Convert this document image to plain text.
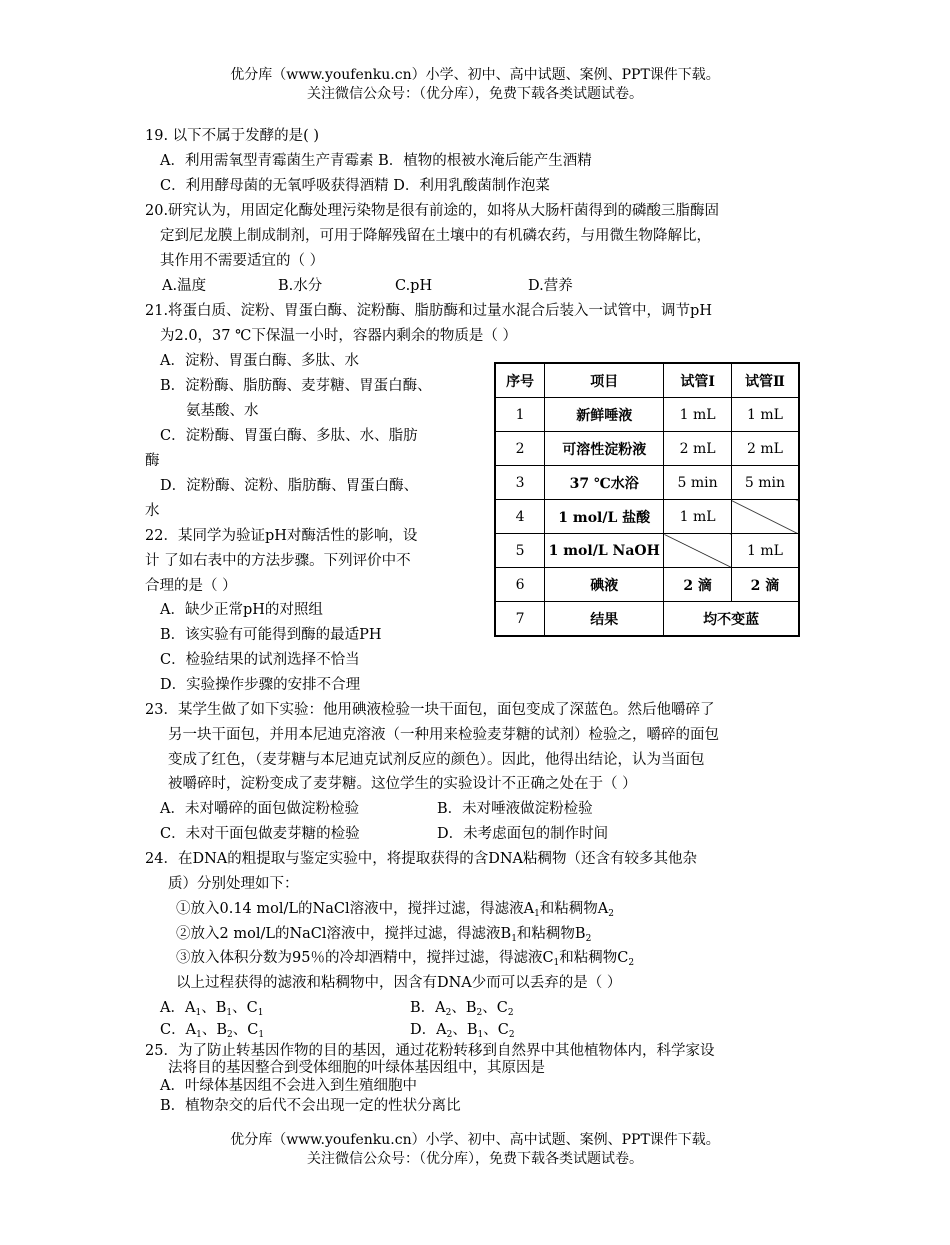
优分库（www.youfenku.cn）小学、初中、高中试题、案例、PPT课件下载。
关注微信公众号：（优分库），免费下载各类试题试卷。
19. 以下不属于发酵的是( )
A．利用需氧型青霉菌生产青霉素 B．植物的根被水淹后能产生酒精
C．利用酵母菌的无氧呼吸获得酒精 D．利用乳酸菌制作泡菜
20.研究认为，用固定化酶处理污染物是很有前途的，如将从大肠杆菌得到的磷酸三脂酶固
定到尼龙膜上制成制剂，可用于降解残留在土壤中的有机磷农药，与用微生物降解比，
其作用不需要适宜的（ ）
A.温度	B.水分	C.pH	D.营养
21.将蛋白质、淀粉、胃蛋白酶、淀粉酶、脂肪酶和过量水混合后装入一试管中，调节pH
为2.0，37 ℃下保温一小时，容器内剩余的物质是（ ）
A．淀粉、胃蛋白酶、多肽、水
B．淀粉酶、脂肪酶、麦芽糖、胃蛋白酶、
氨基酸、水
C．淀粉酶、胃蛋白酶、多肽、水、脂肪
酶
D．淀粉酶、淀粉、脂肪酶、胃蛋白酶、
水
22．某同学为验证pH对酶活性的影响，设
计 了如右表中的方法步骤。下列评价中不
合理的是（ ）
A．缺少正常pH的对照组
B．该实验有可能得到酶的最适PH
C．检验结果的试剂选择不恰当
D．实验操作步骤的安排不合理
序号	项目	试管Ⅰ	试管Ⅱ
1	新鲜唾液	1 mL	1 mL
2	可溶性淀粉液	2 mL	2 mL
3	37 ℃水浴	5 min	5 min
4	1 mol/L 盐酸	1 mL	
5	1 mol/L NaOH		1 mL
6	碘液	2 滴	2 滴
7	结果	均不变蓝	
23．某学生做了如下实验：他用碘液检验一块干面包，面包变成了深蓝色。然后他嚼碎了
另一块干面包，并用本尼迪克溶液（一种用来检验麦芽糖的试剂）检验之，嚼碎的面包
变成了红色，（麦芽糖与本尼迪克试剂反应的颜色）。因此，他得出结论，认为当面包
被嚼碎时，淀粉变成了麦芽糖。这位学生的实验设计不正确之处在于（ ）
A．未对嚼碎的面包做淀粉检验	B．未对唾液做淀粉检验
C．未对干面包做麦芽糖的检验	D．未考虑面包的制作时间
24．在DNA的粗提取与鉴定实验中，将提取获得的含DNA粘稠物（还含有较多其他杂
质）分别处理如下：
①放入0.14 mol/L的NaCl溶液中，搅拌过滤，得滤液$A_1$和粘稠物$A_2$
②放入2 mol/L的NaCl溶液中，搅拌过滤，得滤液$B_1$和粘稠物$B_2$
③放入体积分数为95％的冷却酒精中，搅拌过滤，得滤液$C_1$和粘稠物$C_2$
以上过程获得的滤液和粘稠物中，因含有DNA少而可以丢弃的是（ ）
A．$A_1$、$B_1$、$C_1$	B．$A_2$、$B_2$、$C_2$
C．$A_1$、$B_2$、$C_1$	D．$A_2$、$B_1$、$C_2$
25．为了防止转基因作物的目的基因，通过花粉转移到自然界中其他植物体内，科学家设
法将目的基因整合到受体细胞的叶绿体基因组中，其原因是
A．叶绿体基因组不会进入到生殖细胞中
B．植物杂交的后代不会出现一定的性状分离比
优分库（www.youfenku.cn）小学、初中、高中试题、案例、PPT课件下载。
关注微信公众号：（优分库），免费下载各类试题试卷。
